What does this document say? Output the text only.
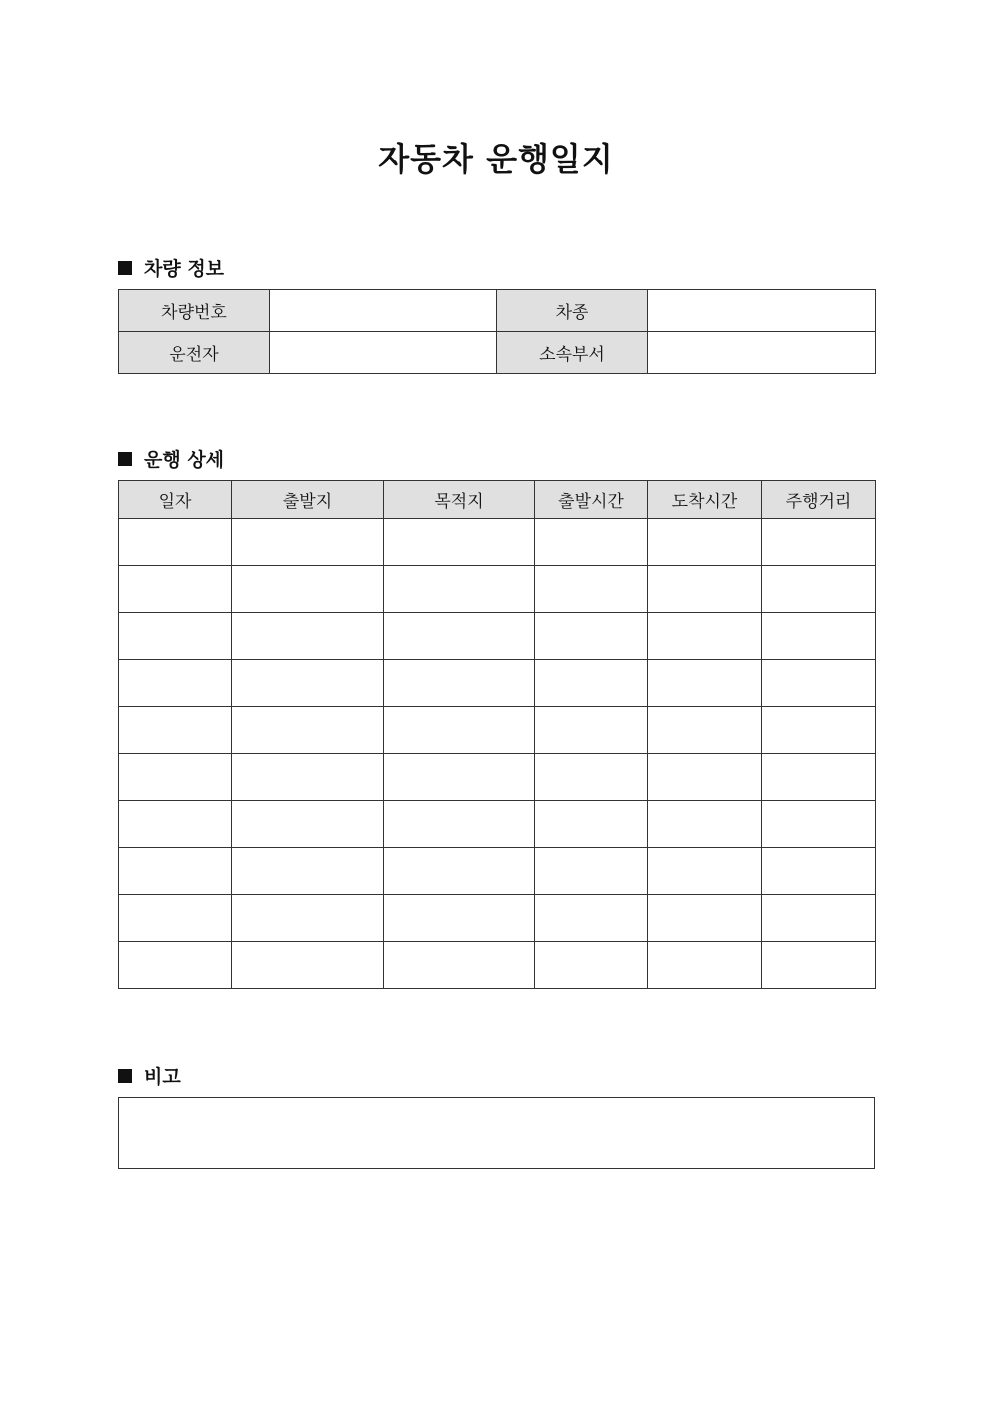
자동차 운행일지
차량 정보
차량번호		차종	
운전자		소속부서	
운행 상세
일자	출발지	목적지	출발시간	도착시간	주행거리

비고
